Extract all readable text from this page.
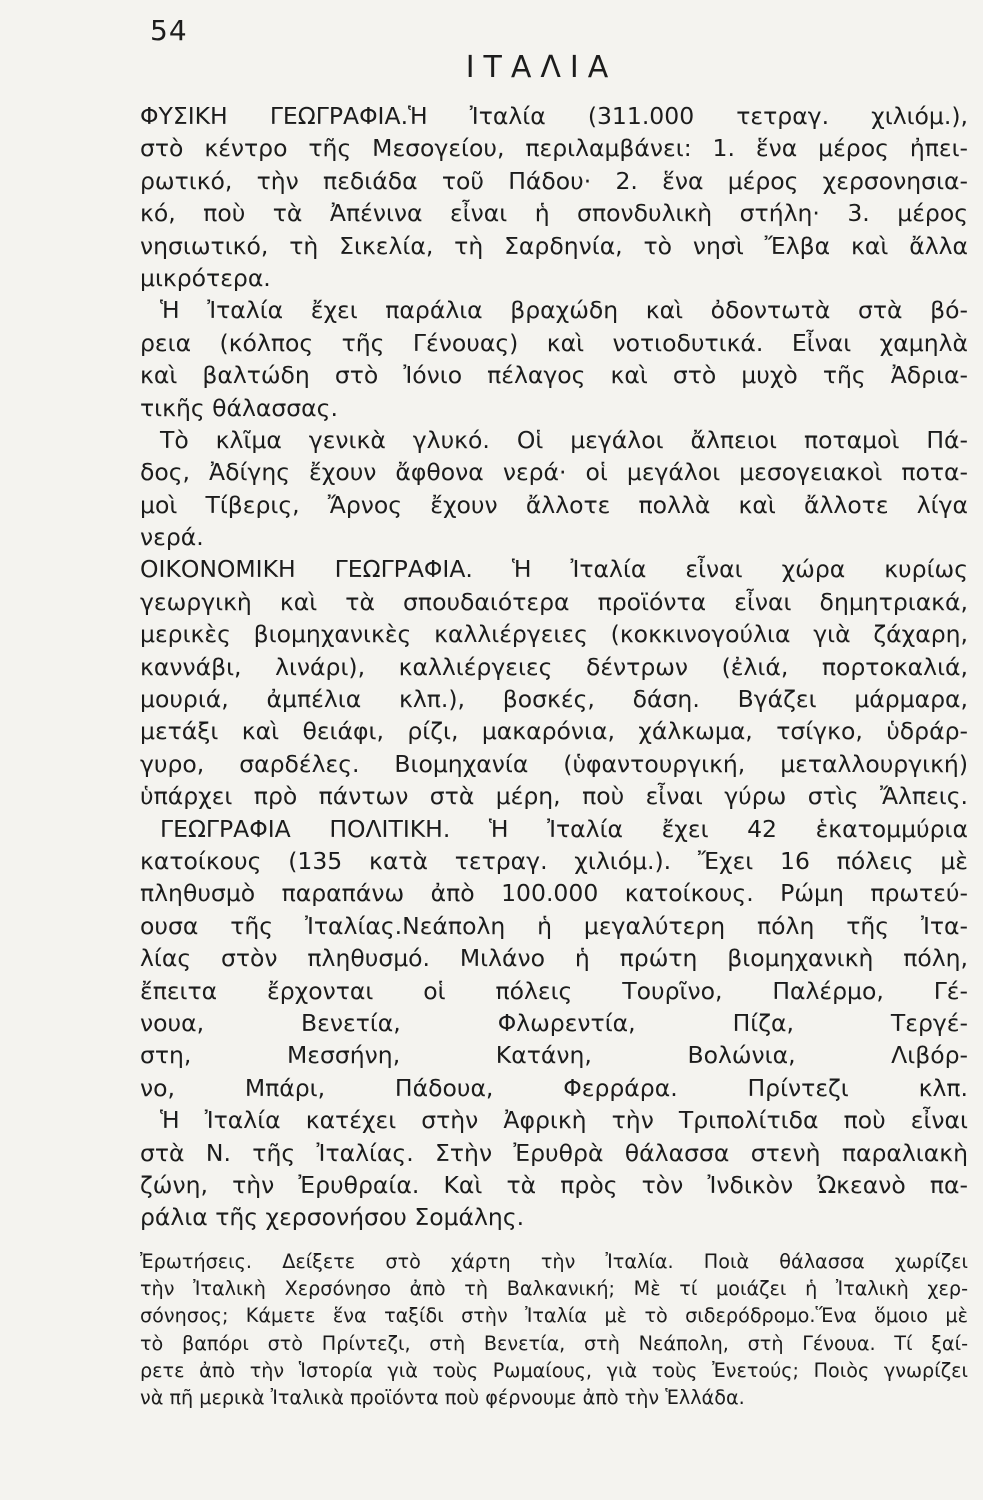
54
ΙΤΑΛΙΑ
ΦΥΣΙΚΗ ΓΕΩΓΡΑΦΙΑ.Ἡ Ἰταλία (311.000 τετραγ. χιλιόμ.),
στὸ κέντρο τῆς Μεσογείου, περιλαμβάνει: 1. ἕνα μέρος ἠπει-
ρωτικό, τὴν πεδιάδα τοῦ Πάδου· 2. ἕνα μέρος χερσονησια-
κό, ποὺ τὰ Ἀπένινα εἶναι ἡ σπονδυλικὴ στήλη· 3. μέρος
νησιωτικό, τὴ Σικελία, τὴ Σαρδηνία, τὸ νησὶ Ἔλβα καὶ ἄλλα
μικρότερα.
Ἡ Ἰταλία ἔχει παράλια βραχώδη καὶ ὀδοντωτὰ στὰ βό-
ρεια (κόλπος τῆς Γένουας) καὶ νοτιοδυτικά. Εἶναι χαμηλὰ
καὶ βαλτώδη στὸ Ἰόνιο πέλαγος καὶ στὸ μυχὸ τῆς Ἀδρια-
τικῆς θάλασσας.
Τὸ κλῖμα γενικὰ γλυκό. Οἱ μεγάλοι ἄλπειοι ποταμοὶ Πά-
δος, Ἀδίγης ἔχουν ἄφθονα νερά· οἱ μεγάλοι μεσογειακοὶ ποτα-
μοὶ Τίβερις, Ἄρνος ἔχουν ἄλλοτε πολλὰ καὶ ἄλλοτε λίγα
νερά.
ΟΙΚΟΝΟΜΙΚΗ ΓΕΩΓΡΑΦΙΑ. Ἡ Ἰταλία εἶναι χώρα κυρίως
γεωργικὴ καὶ τὰ σπουδαιότερα προϊόντα εἶναι δημητριακά,
μερικὲς βιομηχανικὲς καλλιέργειες (κοκκινογούλια γιὰ ζάχαρη,
καννάβι, λινάρι), καλλιέργειες δέντρων (ἐλιά, πορτοκαλιά,
μουριά, ἀμπέλια κλπ.), βοσκές, δάση. Βγάζει μάρμαρα,
μετάξι καὶ θειάφι, ρίζι, μακαρόνια, χάλκωμα, τσίγκο, ὑδράρ-
γυρο, σαρδέλες. Βιομηχανία (ὑφαντουργική, μεταλλουργική)
ὑπάρχει πρὸ πάντων στὰ μέρη, ποὺ εἶναι γύρω στὶς Ἄλπεις.
ΓΕΩΓΡΑΦΙΑ ΠΟΛΙΤΙΚΗ. Ἡ Ἰταλία ἔχει 42 ἑκατομμύρια
κατοίκους (135 κατὰ τετραγ. χιλιόμ.). Ἔχει 16 πόλεις μὲ
πληθυσμὸ παραπάνω ἀπὸ 100.000 κατοίκους. Ρώμη πρωτεύ-
ουσα τῆς Ἰταλίας.Νεάπολη ἡ μεγαλύτερη πόλη τῆς Ἰτα-
λίας στὸν πληθυσμό. Μιλάνο ἡ πρώτη βιομηχανικὴ πόλη,
ἔπειτα ἔρχονται οἱ πόλεις Τουρῖνο, Παλέρμο, Γέ-
νουα, Βενετία, Φλωρεντία, Πίζα, Τεργέ-
στη, Μεσσήνη, Κατάνη, Βολώνια, Λιβόρ-
νο, Μπάρι, Πάδουα, Φερράρα. Πρίντεζι κλπ.
Ἡ Ἰταλία κατέχει στὴν Ἀφρικὴ τὴν Τριπολίτιδα ποὺ εἶναι
στὰ Ν. τῆς Ἰταλίας. Στὴν Ἐρυθρὰ θάλασσα στενὴ παραλιακὴ
ζώνη, τὴν Ἐρυθραία. Καὶ τὰ πρὸς τὸν Ἰνδικὸν Ὠκεανὸ πα-
ράλια τῆς χερσονήσου Σομάλης.
Ἐρωτήσεις. Δείξετε στὸ χάρτη τὴν Ἰταλία. Ποιὰ θάλασσα χωρίζει
τὴν Ἰταλικὴ Χερσόνησο ἀπὸ τὴ Βαλκανική; Μὲ τί μοιάζει ἡ Ἰταλικὴ χερ-
σόνησος; Κάμετε ἕνα ταξίδι στὴν Ἰταλία μὲ τὸ σιδερόδρομο.Ἕνα ὅμοιο μὲ
τὸ βαπόρι στὸ Πρίντεζι, στὴ Βενετία, στὴ Νεάπολη, στὴ Γένουα. Τί ξαί-
ρετε ἀπὸ τὴν Ἱστορία γιὰ τοὺς Ρωμαίους, γιὰ τοὺς Ἐνετούς; Ποιὸς γνωρίζει
νὰ πῆ μερικὰ Ἰταλικὰ προϊόντα ποὺ φέρνουμε ἀπὸ τὴν Ἑλλάδα.
